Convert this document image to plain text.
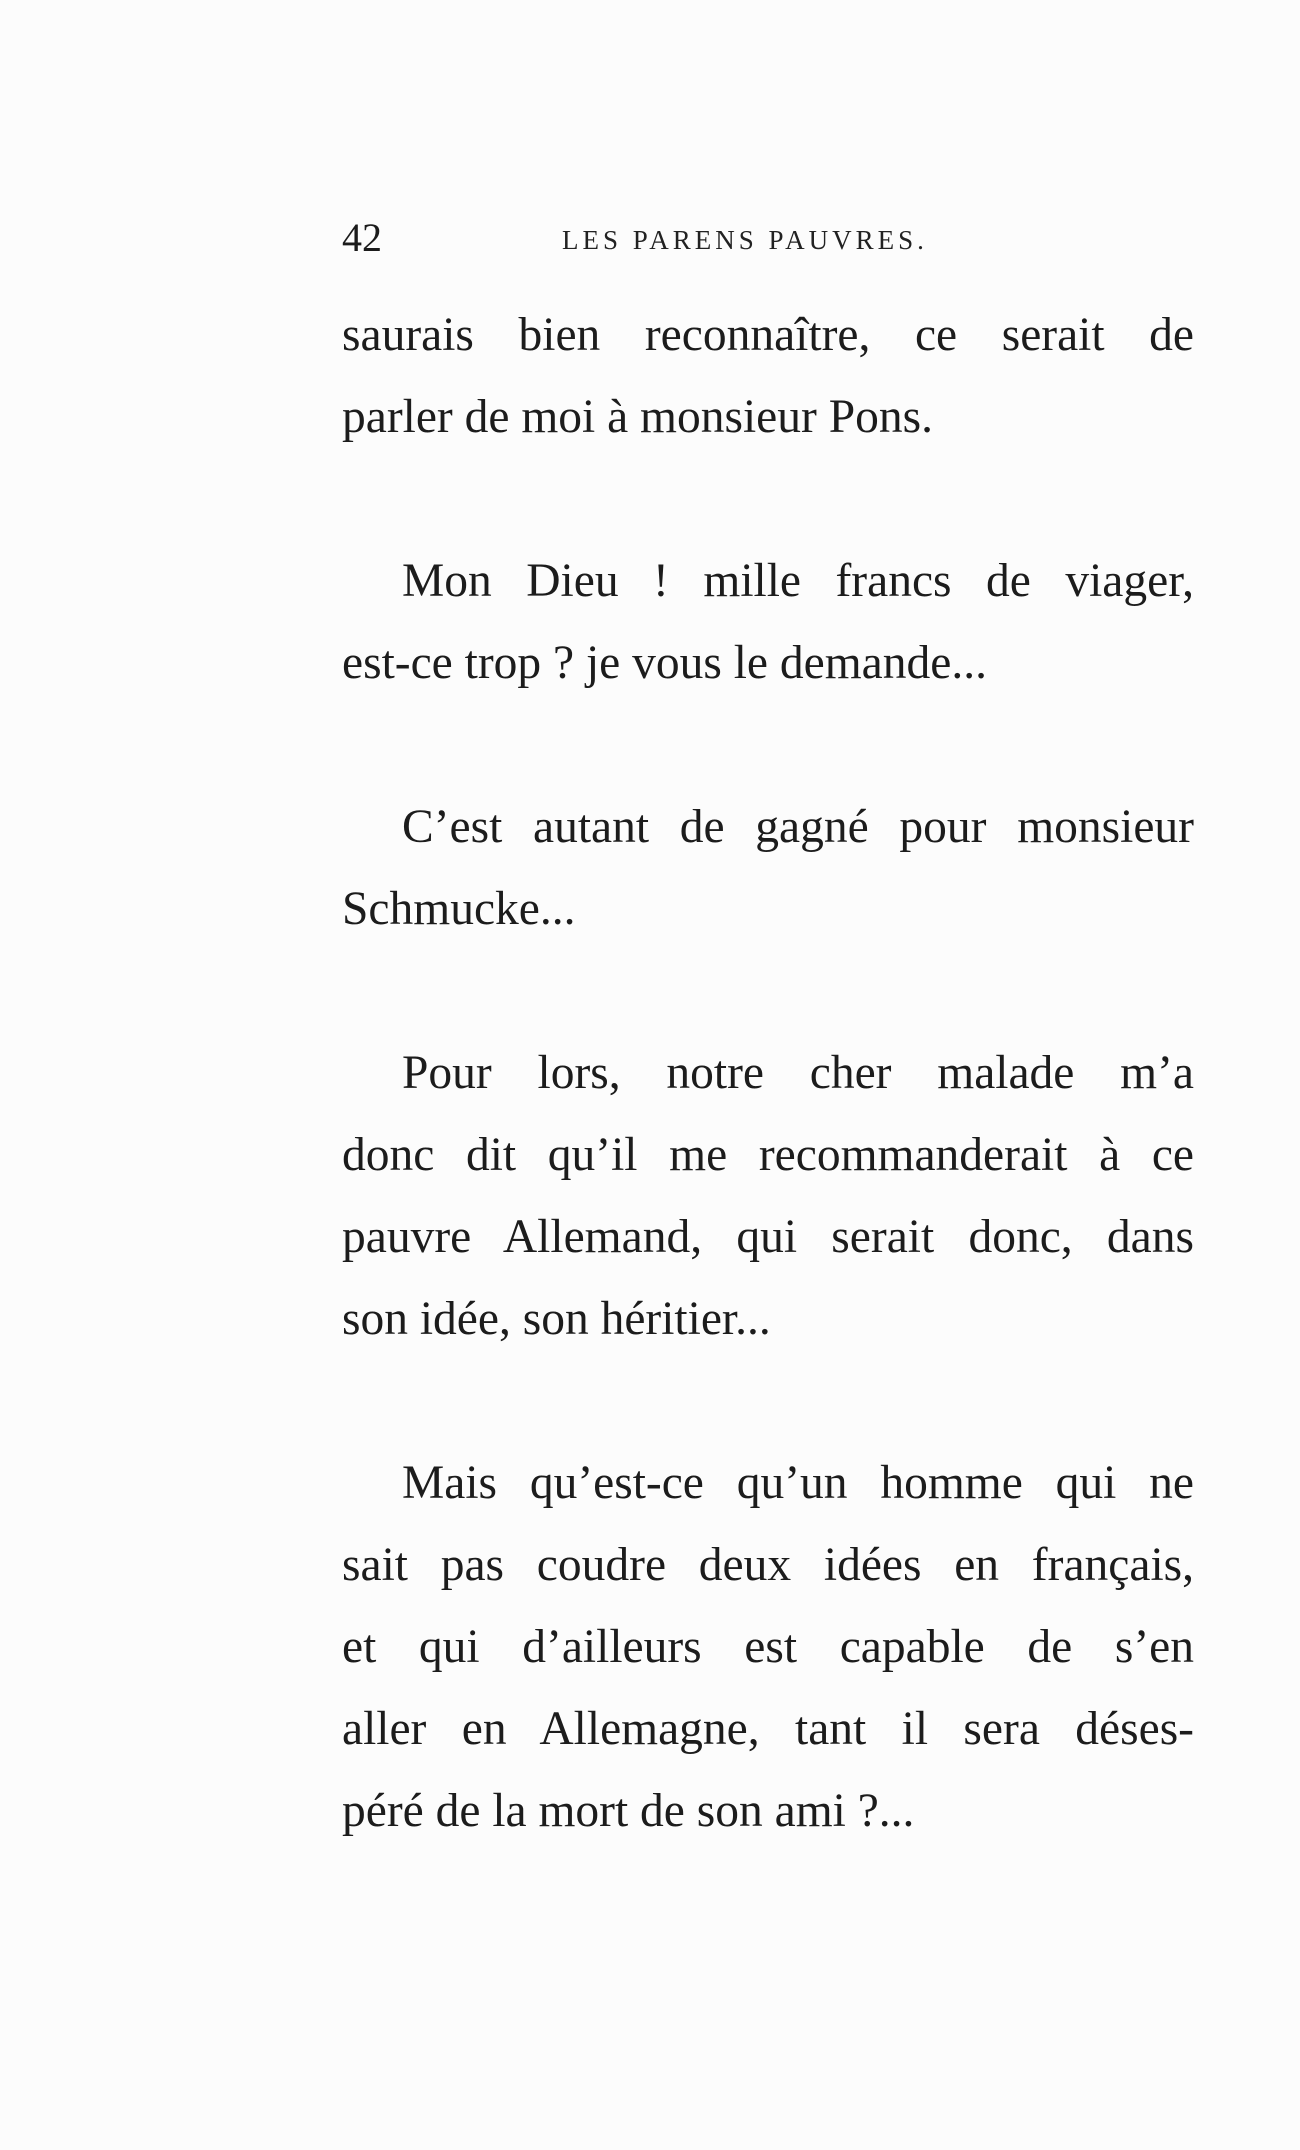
42	LES PARENS PAUVRES.
saurais bien reconnaître, ce serait de
parler de moi à monsieur Pons.
Mon Dieu ! mille francs de viager,
est-ce trop ? je vous le demande...
C’est autant de gagné pour monsieur
Schmucke...
Pour lors, notre cher malade m’a
donc dit qu’il me recommanderait à ce
pauvre Allemand, qui serait donc, dans
son idée, son héritier...
Mais qu’est-ce qu’un homme qui ne
sait pas coudre deux idées en français,
et qui d’ailleurs est capable de s’en
aller en Allemagne, tant il sera déses-
péré de la mort de son ami ?...
